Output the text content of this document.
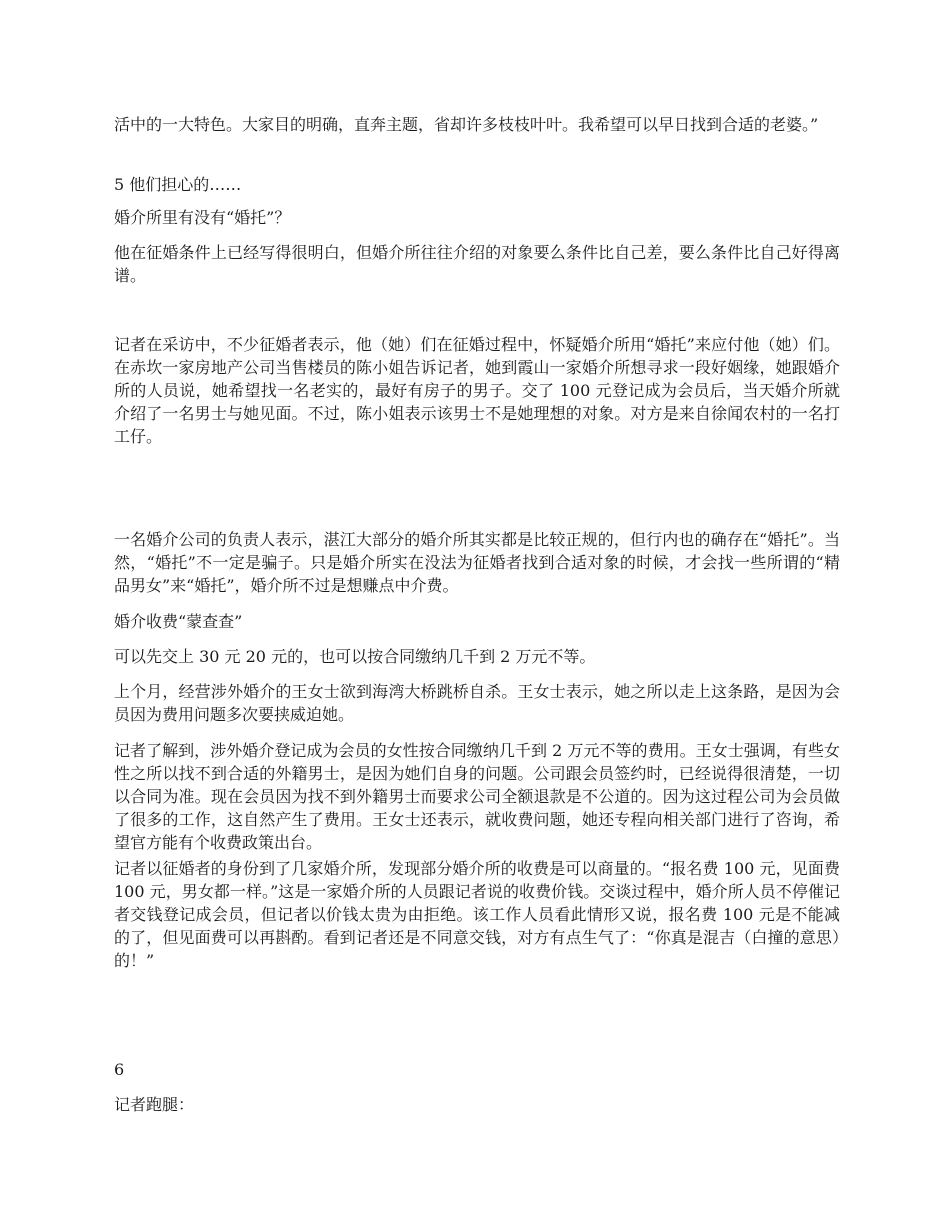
活中的一大特色。大家目的明确，直奔主题，省却许多枝枝叶叶。我希望可以早日找到合适的老婆。”

5 他们担心的……

婚介所里有没有“婚托”？

他在征婚条件上已经写得很明白，但婚介所往往介绍的对象要么条件比自己差，要么条件比自己好得离谱。

记者在采访中，不少征婚者表示，他（她）们在征婚过程中，怀疑婚介所用“婚托”来应付他（她）们。在赤坎一家房地产公司当售楼员的陈小姐告诉记者，她到霞山一家婚介所想寻求一段好姻缘，她跟婚介所的人员说，她希望找一名老实的，最好有房子的男子。交了 100 元登记成为会员后，当天婚介所就介绍了一名男士与她见面。不过，陈小姐表示该男士不是她理想的对象。对方是来自徐闻农村的一名打工仔。

一名婚介公司的负责人表示，湛江大部分的婚介所其实都是比较正规的，但行内也的确存在“婚托”。当然，“婚托”不一定是骗子。只是婚介所实在没法为征婚者找到合适对象的时候，才会找一些所谓的“精品男女”来“婚托”，婚介所不过是想赚点中介费。

婚介收费“蒙查查”

可以先交上 30 元 20 元的，也可以按合同缴纳几千到 2 万元不等。

上个月，经营涉外婚介的王女士欲到海湾大桥跳桥自杀。王女士表示，她之所以走上这条路，是因为会员因为费用问题多次要挟威迫她。

记者了解到，涉外婚介登记成为会员的女性按合同缴纳几千到 2 万元不等的费用。王女士强调，有些女性之所以找不到合适的外籍男士，是因为她们自身的问题。公司跟会员签约时，已经说得很清楚，一切以合同为准。现在会员因为找不到外籍男士而要求公司全额退款是不公道的。因为这过程公司为会员做了很多的工作，这自然产生了费用。王女士还表示，就收费问题，她还专程向相关部门进行了咨询，希望官方能有个收费政策出台。

记者以征婚者的身份到了几家婚介所，发现部分婚介所的收费是可以商量的。“报名费 100 元，见面费 100 元，男女都一样。”这是一家婚介所的人员跟记者说的收费价钱。交谈过程中，婚介所人员不停催记者交钱登记成会员，但记者以价钱太贵为由拒绝。该工作人员看此情形又说，报名费 100 元是不能减的了，但见面费可以再斟酌。看到记者还是不同意交钱，对方有点生气了：“你真是混吉（白撞的意思）的！”

6

记者跑腿：
